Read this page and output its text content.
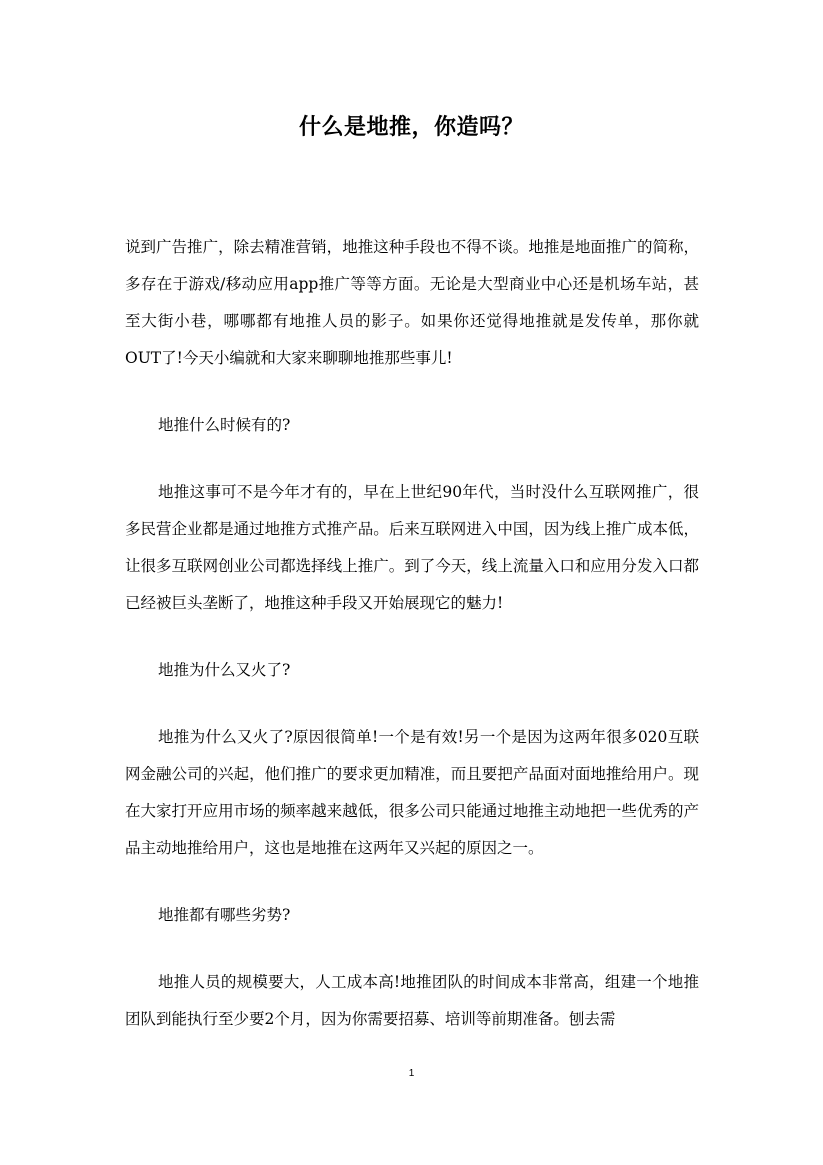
什么是地推，你造吗？

说到广告推广，除去精准营销，地推这种手段也不得不谈。地推是地面推广的简称，多存在于游戏/移动应用app推广等等方面。无论是大型商业中心还是机场车站，甚至大街小巷，哪哪都有地推人员的影子。如果你还觉得地推就是发传单，那你就OUT了!今天小编就和大家来聊聊地推那些事儿!

地推什么时候有的?

地推这事可不是今年才有的，早在上世纪90年代，当时没什么互联网推广，很多民营企业都是通过地推方式推产品。后来互联网进入中国，因为线上推广成本低，让很多互联网创业公司都选择线上推广。到了今天，线上流量入口和应用分发入口都已经被巨头垄断了，地推这种手段又开始展现它的魅力!

地推为什么又火了?

地推为什么又火了?原因很简单!一个是有效!另一个是因为这两年很多020互联网金融公司的兴起，他们推广的要求更加精准，而且要把产品面对面地推给用户。现在大家打开应用市场的频率越来越低，很多公司只能通过地推主动地把一些优秀的产品主动地推给用户，这也是地推在这两年又兴起的原因之一。

地推都有哪些劣势?

地推人员的规模要大，人工成本高!地推团队的时间成本非常高，组建一个地推团队到能执行至少要2个月，因为你需要招募、培训等前期准备。刨去需

1
